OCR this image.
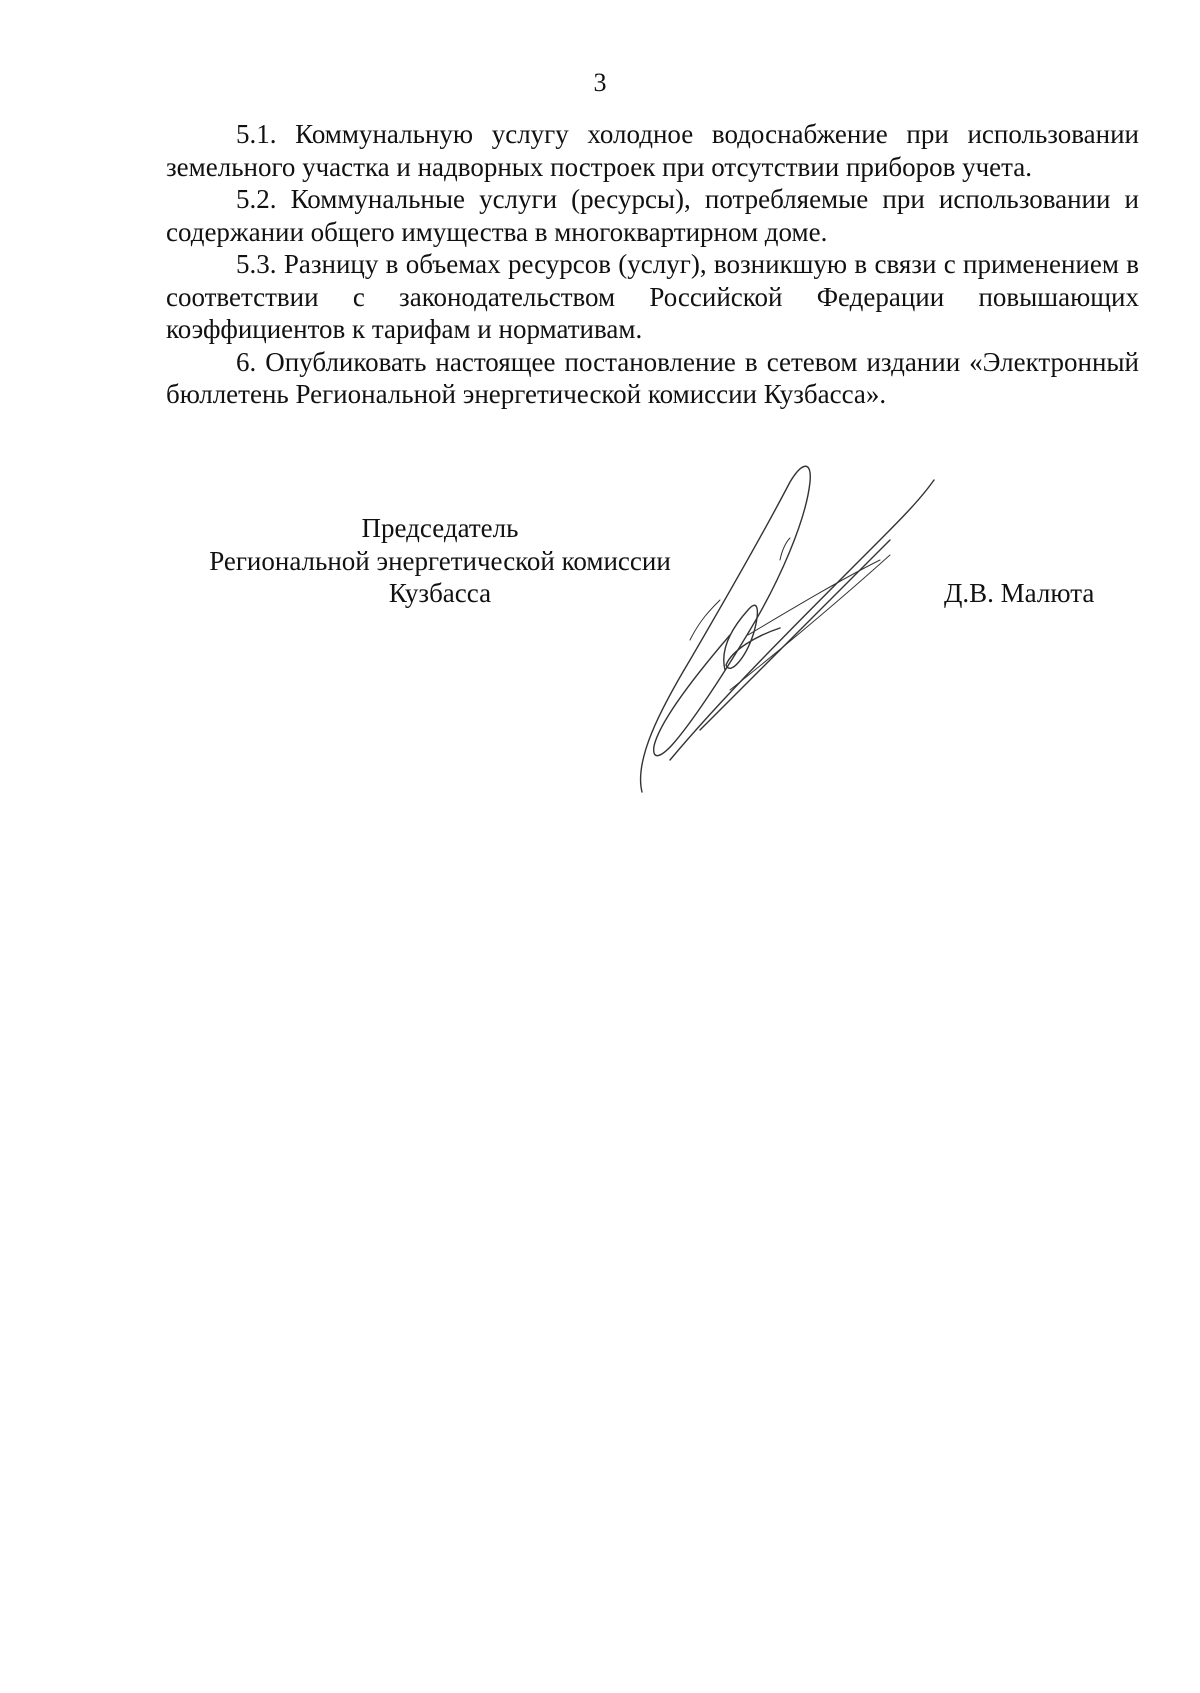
3

5.1. Коммунальную услугу холодное водоснабжение при использовании земельного участка и надворных построек при отсутствии приборов учета.

5.2. Коммунальные услуги (ресурсы), потребляемые при использовании и содержании общего имущества в многоквартирном доме.

5.3. Разницу в объемах ресурсов (услуг), возникшую в связи с применением в соответствии с законодательством Российской Федерации повышающих коэффициентов к тарифам и нормативам.

6. Опубликовать настоящее постановление в сетевом издании «Электронный бюллетень Региональной энергетической комиссии Кузбасса».

Председатель
Региональной энергетической комиссии
Кузбасса	Д.В. Малюта
